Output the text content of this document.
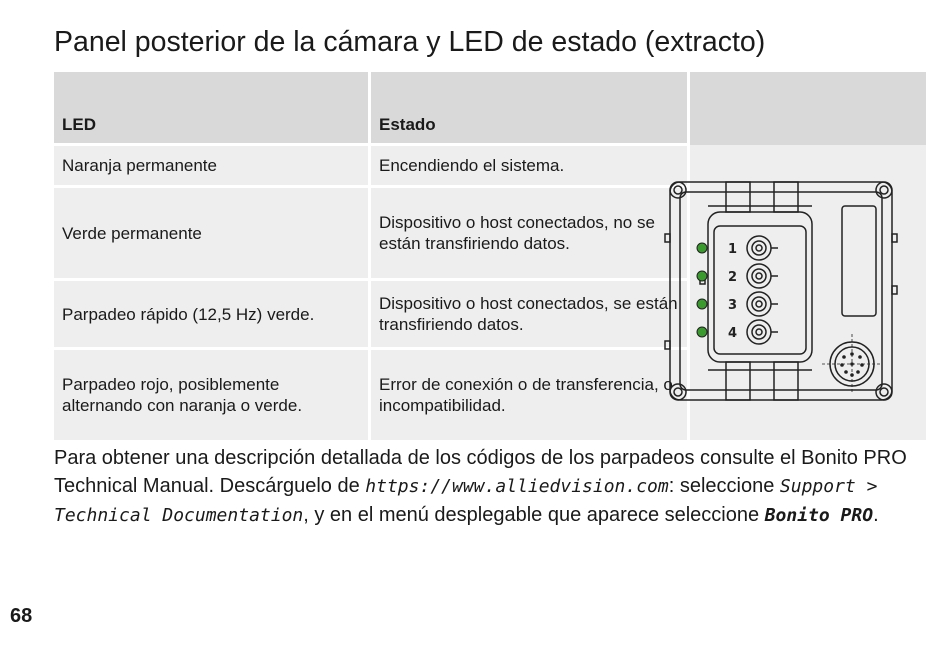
Panel posterior de la cámara y LED de estado (extracto)
LED	Estado	
Naranja permanente	Encendiendo el sistema.	
Verde permanente	Dispositivo o host conectados, no se están transfiriendo datos.	
Parpadeo rápido (12,5 Hz) verde.	Dispositivo o host conectados, se están transfiriendo datos.	
Parpadeo rojo, posiblemente alternando con naranja o verde.	Error de conexión o de transferencia, o incompatibilidad.	
1
2
3
4

Para obtener una descripción detallada de los códigos de los parpadeos consulte el Bonito PRO Technical Manual. Descárguelo de https://www.alliedvision.com: seleccione Support > Technical Documentation, y en el menú desplegable que aparece seleccione Bonito PRO.

68
